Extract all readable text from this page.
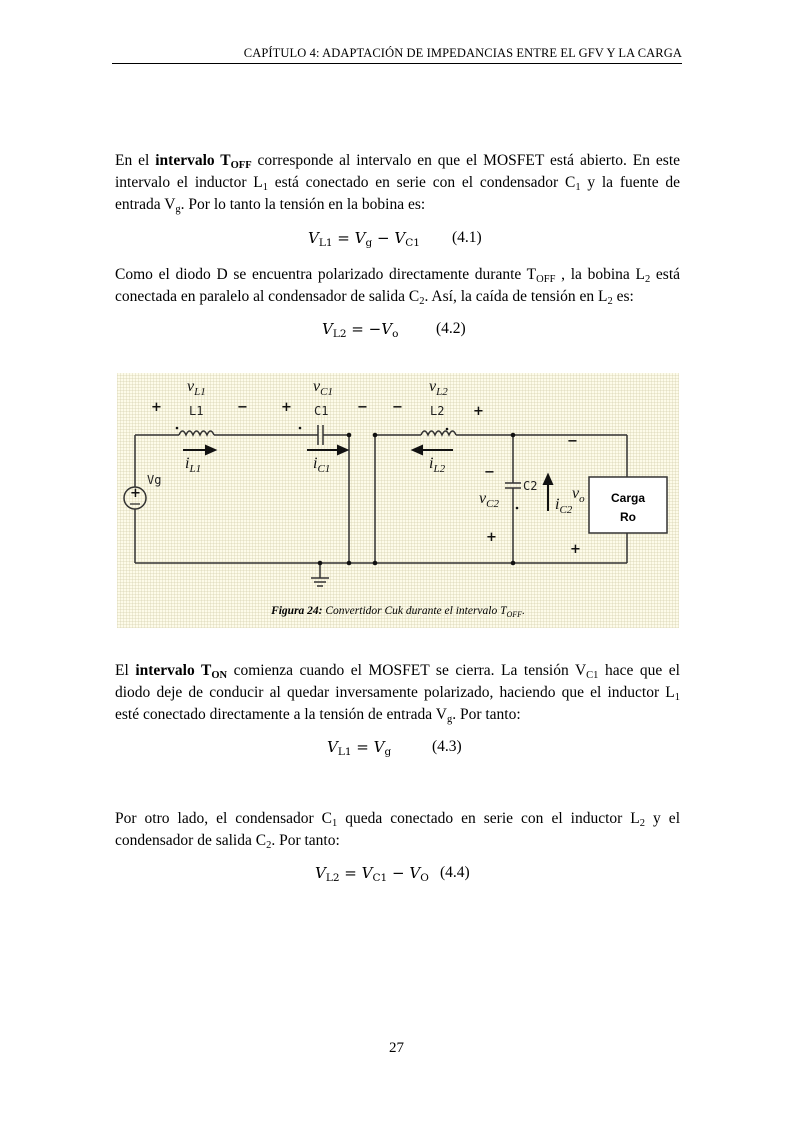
CAPÍTULO 4: ADAPTACIÓN DE IMPEDANCIAS ENTRE EL GFV Y LA CARGA
En el intervalo $T_{OFF}$ corresponde al intervalo en que el MOSFET está abierto. En este intervalo el inductor $L_1$ está conectado en serie con el condensador $C_1$ y la fuente de entrada $V_g$. Por lo tanto la tensión en la bobina es:
$V_{L1} = V_g - V_{C1}$ (4.1)
Como el diodo D se encuentra polarizado directamente durante $T_{OFF}$ , la bobina $L_2$ está conectada en paralelo al condensador de salida $C_2$. Así, la caída de tensión en $L_2$ es:
$V_{L2} = -V_o$ (4.2)
+	Carga
Ro
L1	C1	L2
C2
Vg
$v_{L1}$	$v_{C1}$	$v_{L2}$
$v_{C2}$
$v_o$
$i_{L1}$	$i_{C1}$	$i_{L2}$
$i_{C2}$
+	−	+	− −	+
−
+
−
+
Figura 24: Convertidor Cuk durante el intervalo $T_{OFF}$.
El intervalo $T_{ON}$ comienza cuando el MOSFET se cierra. La tensión $V_{C1}$ hace que el diodo deje de conducir al quedar inversamente polarizado, haciendo que el inductor $L_1$ esté conectado directamente a la tensión de entrada $V_g$. Por tanto:
$V_{L1} = V_g$	(4.3)
Por otro lado, el condensador $C_1$ queda conectado en serie con el inductor $L_2$ y el condensador de salida $C_2$. Por tanto:
$V_{L2} = V_{C1} - V_O$ (4.4)
27
